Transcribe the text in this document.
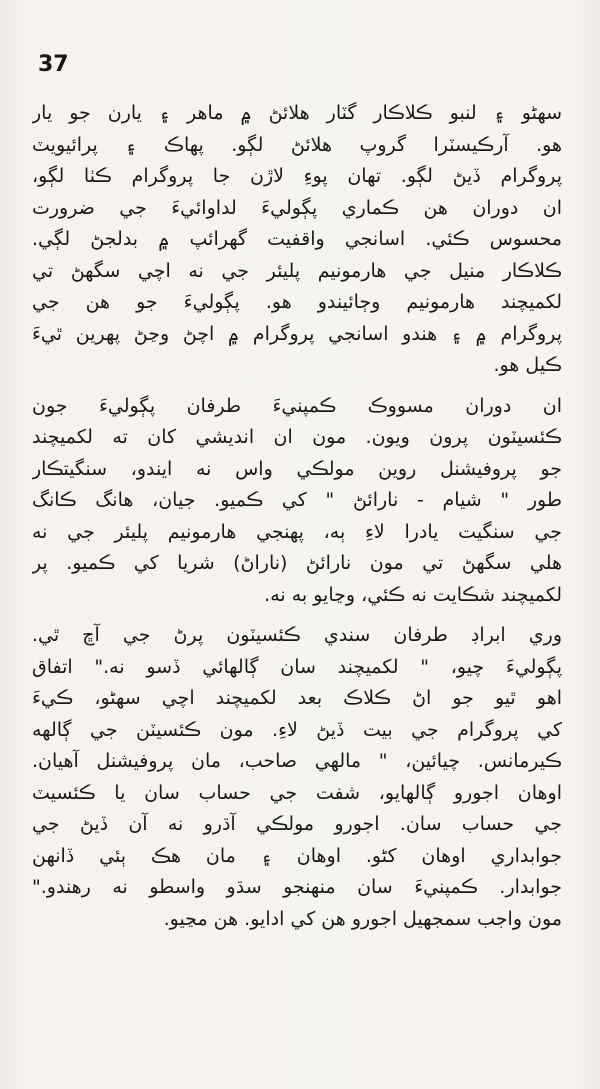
37

سهڻو ۽ لنبو ڪلاڪار گٽار هلائڻ ۾ ماهر ۽ يارن جو يار
هو. آرڪيسٽرا گروپ هلائڻ لڳو. پهاڪ ۽ پرائيويٽ
پروگرام ڏيڻ لڳو. تهان پوءِ لاڙن جا پروگرام ڪٺا لڳو،
ان دوران هن ڪماري پڳوليءَ لداوائيءَ جي ضرورت
محسوس ڪئي. اسانجي واقفيت گهرائپ ۾ بدلجڻ لڳي.
ڪلاڪار منيل جي هارمونيم پليئر جي نه اچي سگهڻ تي
لکميچند هارمونيم وڄائيندو هو. پڳوليءَ جو هن جي
پروگرام ۾ ۽ هندو اسانجي پروگرام ۾ اچڻ وڃڻ پهرين ٿيءَ
ڪيل هو.

ان دوران مسووڪ ڪمپنيءَ طرفان پڳوليءَ جون
ڪئسيٽون پرون ويون. مون ان انديشي کان ته لکميچند
جو پروفيشنل روين مولڪي واس نه ايندو، سنگيتڪار
طور " شيام - نارائڻ " کي ڪميو. جيان، هانگ ڪانگ
جي سنگيت يادرا لاءِ ٻه، پهنجي هارمونيم پليئر جي نه
هلي سگهڻ تي مون نارائڻ (ناراڻ) شريا کي ڪميو. پر
لکميچند شڪايت نه ڪئي، وڃايو به نه.

وري ابراڊ طرفان سندي ڪئسيٽون پرڻ جي آڇ ٿي.
پڳوليءَ چيو، " لکميچند سان ڳالهائي ڏسو نه." اتفاق
اهو ٿيو جو اڻ ڪلاڪ بعد لکميچند اچي سهڻو، ڪيءَ
کي پروگرام جي بيت ڏيڻ لاءِ. مون ڪئسيٽن جي ڳالهه
ڪيرمانس. چيائين، " مالهي صاحب، مان پروفيشنل آهيان.
اوهان اجورو ڳالهايو، شفت جي حساب سان يا ڪئسيٽ
جي حساب سان. اجورو مولڪي آڌرو نه آن ڏيڻ جي
جوابداري اوهان کڻو. اوهان ۽ مان هڪ ٻئي ڏانهن
جوابدار. ڪمپنيءَ سان منهنجو سڌو واسطو نه رهندو."
مون واجب سمجهيل اجورو هن کي ادايو. هن مڃيو.
